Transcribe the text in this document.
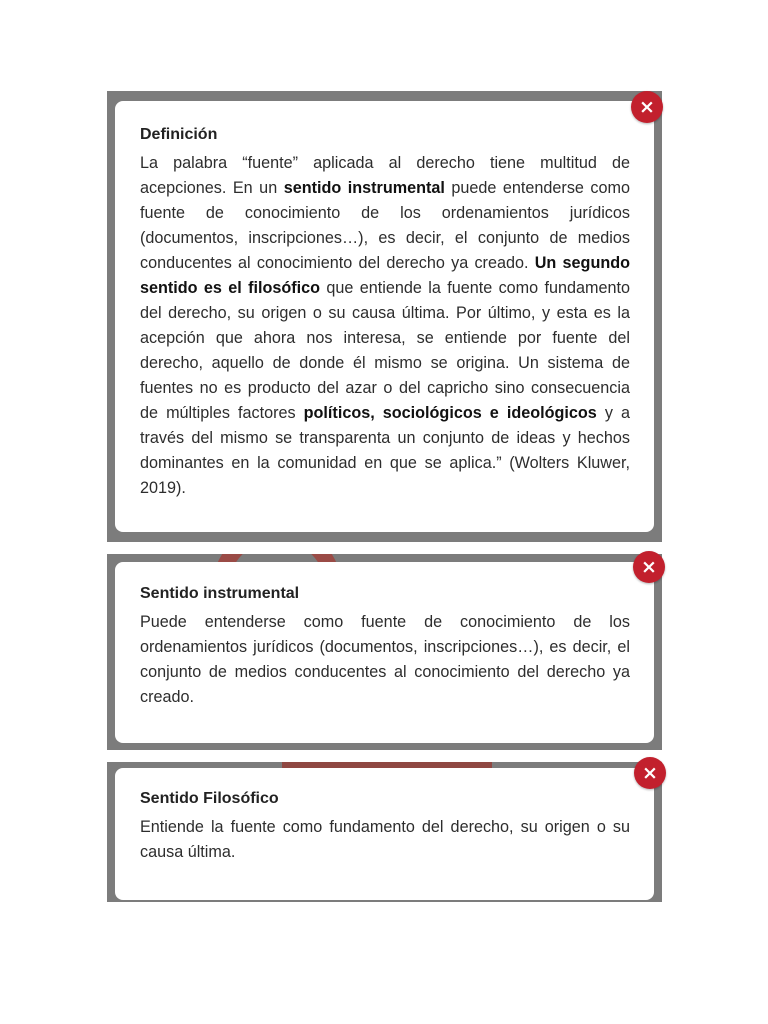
Definición

La palabra “fuente” aplicada al derecho tiene multitud de acepciones. En un sentido instrumental puede entenderse como fuente de conocimiento de los ordenamientos jurídicos (documentos, inscripciones…), es decir, el conjunto de medios conducentes al conocimiento del derecho ya creado. Un segundo sentido es el filosófico que entiende la fuente como fundamento del derecho, su origen o su causa última. Por último, y esta es la acepción que ahora nos interesa, se entiende por fuente del derecho, aquello de donde él mismo se origina. Un sistema de fuentes no es producto del azar o del capricho sino consecuencia de múltiples factores políticos, sociológicos e ideológicos y a través del mismo se transparenta un conjunto de ideas y hechos dominantes en la comunidad en que se aplica.” (Wolters Kluwer, 2019).

×
Sentido instrumental

Puede entenderse como fuente de conocimiento de los ordenamientos jurídicos (documentos, inscripciones…), es decir, el conjunto de medios conducentes al conocimiento del derecho ya creado.

×
Sentido Filosófico

Entiende la fuente como fundamento del derecho, su origen o su causa última.

×
